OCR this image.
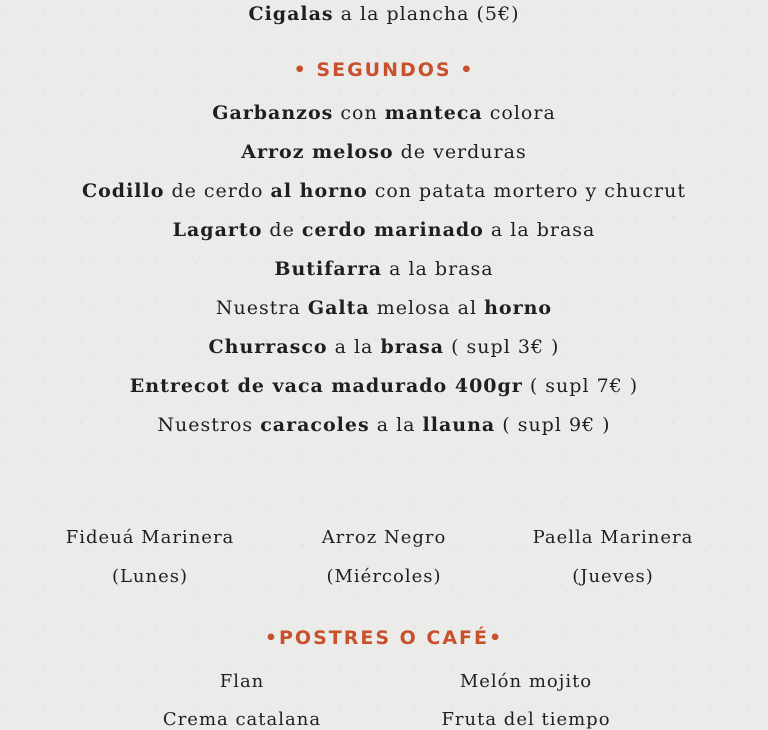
Cigalas a la plancha (5€)
• SEGUNDOS •
Garbanzos con manteca colora
Arroz meloso de verduras
Codillo de cerdo al horno con patata mortero y chucrut
Lagarto de cerdo marinado a la brasa
Butifarra a la brasa
Nuestra Galta melosa al horno
Churrasco a la brasa ( supl 3€ )
Entrecot de vaca madurado 400gr ( supl 7€ )
Nuestros caracoles a la llauna ( supl 9€ )
Fideuá Marinera
(Lunes)
Arroz Negro
(Miércoles)
Paella Marinera
(Jueves)
•POSTRES O CAFÉ•
Flan
Crema catalana
Melón mojito
Fruta del tiempo
